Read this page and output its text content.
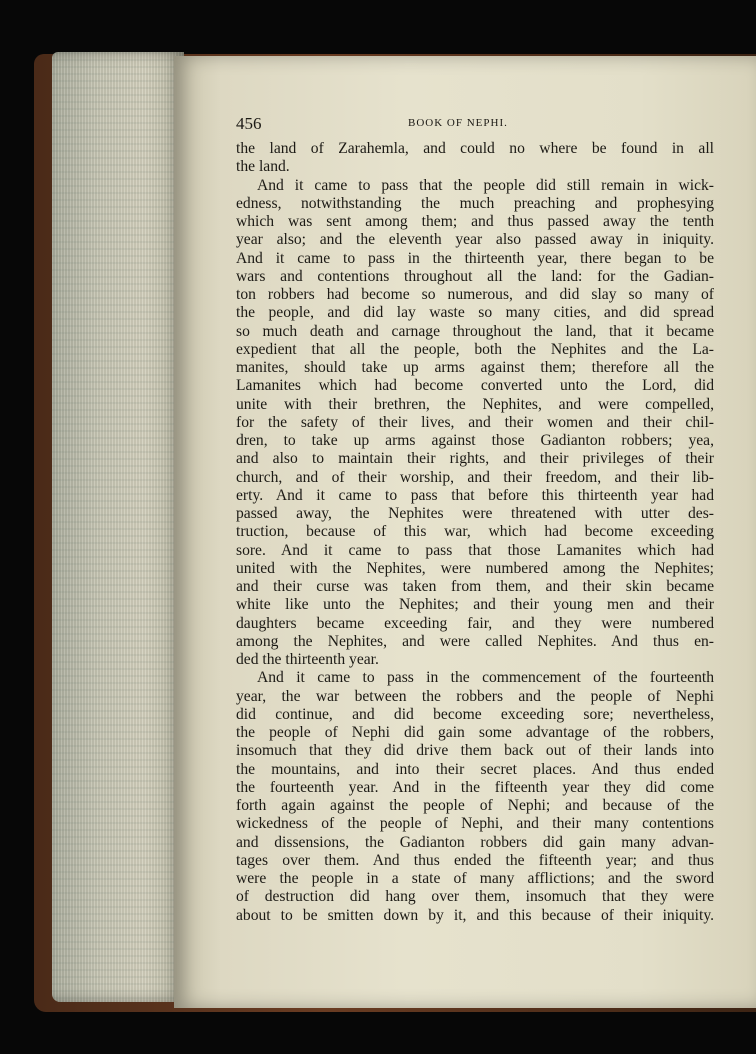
456	BOOK OF NEPHI.

the land of Zarahemla, and could no where be found in all

the land.

And it came to pass that the people did still remain in wick-

edness, notwithstanding the much preaching and prophesying

which was sent among them; and thus passed away the tenth

year also; and the eleventh year also passed away in iniquity.

And it came to pass in the thirteenth year, there began to be

wars and contentions throughout all the land: for the Gadian-

ton robbers had become so numerous, and did slay so many of

the people, and did lay waste so many cities, and did spread

so much death and carnage throughout the land, that it became

expedient that all the people, both the Nephites and the La-

manites, should take up arms against them; therefore all the

Lamanites which had become converted unto the Lord, did

unite with their brethren, the Nephites, and were compelled,

for the safety of their lives, and their women and their chil-

dren, to take up arms against those Gadianton robbers; yea,

and also to maintain their rights, and their privileges of their

church, and of their worship, and their freedom, and their lib-

erty. And it came to pass that before this thirteenth year had

passed away, the Nephites were threatened with utter des-

truction, because of this war, which had become exceeding

sore. And it came to pass that those Lamanites which had

united with the Nephites, were numbered among the Nephites;

and their curse was taken from them, and their skin became

white like unto the Nephites; and their young men and their

daughters became exceeding fair, and they were numbered

among the Nephites, and were called Nephites. And thus en-

ded the thirteenth year.

And it came to pass in the commencement of the fourteenth

year, the war between the robbers and the people of Nephi

did continue, and did become exceeding sore; nevertheless,

the people of Nephi did gain some advantage of the robbers,

insomuch that they did drive them back out of their lands into

the mountains, and into their secret places. And thus ended

the fourteenth year. And in the fifteenth year they did come

forth again against the people of Nephi; and because of the

wickedness of the people of Nephi, and their many contentions

and dissensions, the Gadianton robbers did gain many advan-

tages over them. And thus ended the fifteenth year; and thus

were the people in a state of many afflictions; and the sword

of destruction did hang over them, insomuch that they were

about to be smitten down by it, and this because of their iniquity.
